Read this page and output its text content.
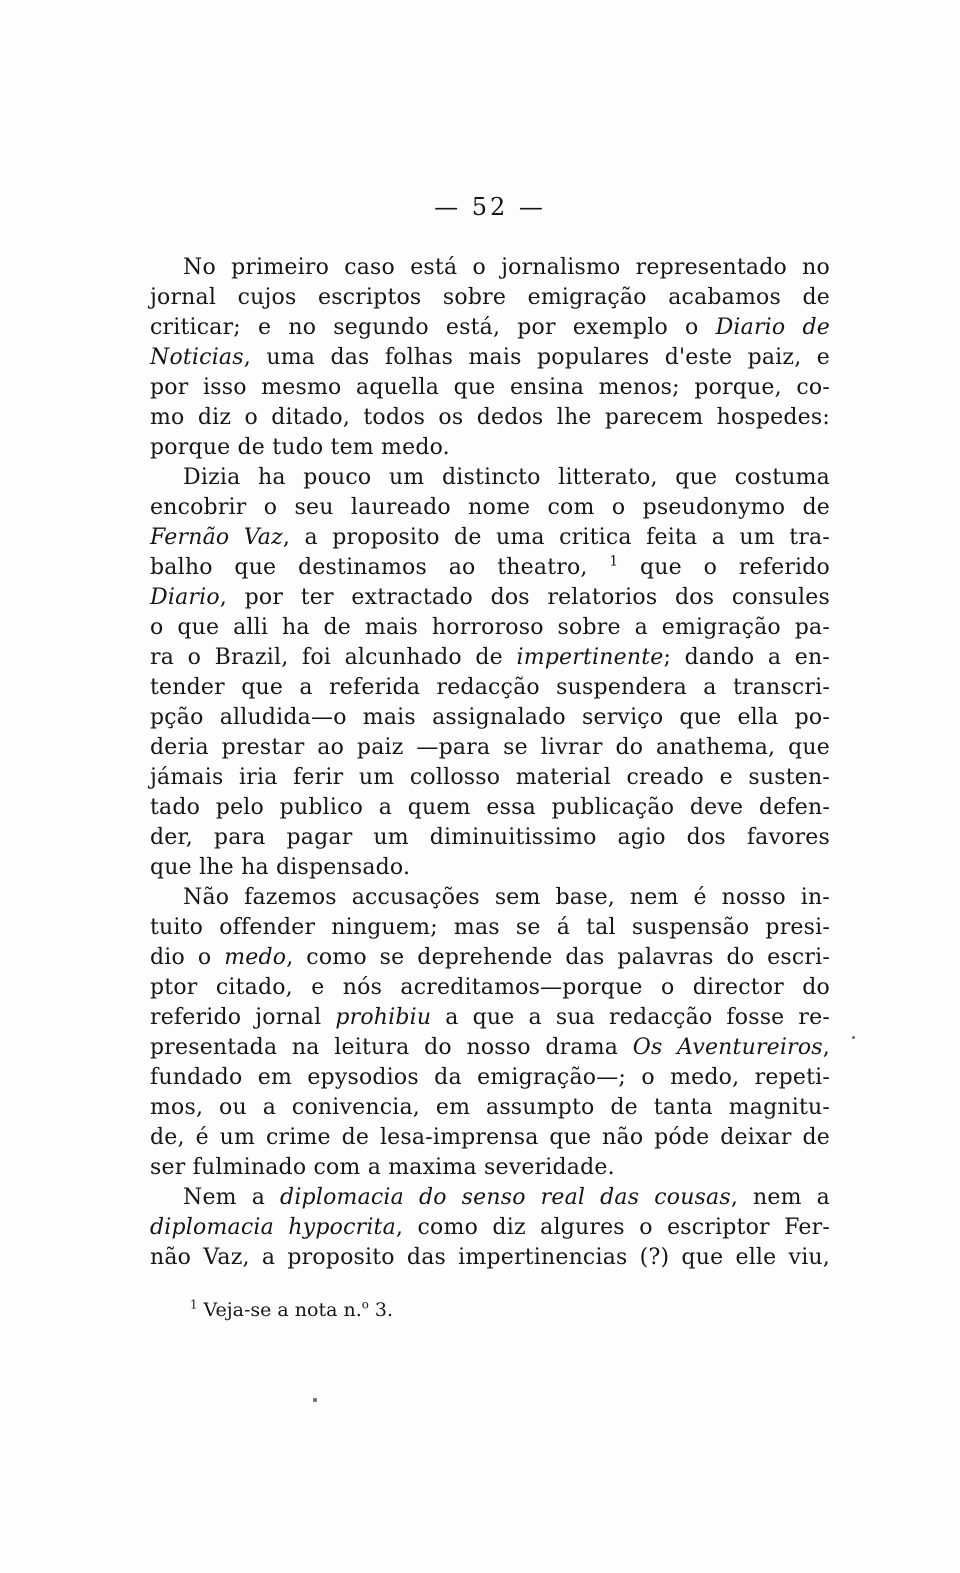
— 52 —
No primeiro caso está o jornalismo representado no
jornal cujos escriptos sobre emigração acabamos de
criticar; e no segundo está, por exemplo o Diario de
Noticias, uma das folhas mais populares d'este paiz, e
por isso mesmo aquella que ensina menos; porque, co-
mo diz o ditado, todos os dedos lhe parecem hospedes:
porque de tudo tem medo.
Dizia ha pouco um distincto litterato, que costuma
encobrir o seu laureado nome com o pseudonymo de
Fernão Vaz, a proposito de uma critica feita a um tra-
balho que destinamos ao theatro, $^1$ que o referido
Diario, por ter extractado dos relatorios dos consules
o que alli ha de mais horroroso sobre a emigração pa-
ra o Brazil, foi alcunhado de impertinente; dando a en-
tender que a referida redacção suspendera a transcri-
pção alludida—o mais assignalado serviço que ella po-
deria prestar ao paiz —para se livrar do anathema, que
jámais iria ferir um collosso material creado e susten-
tado pelo publico a quem essa publicação deve defen-
der, para pagar um diminuitissimo agio dos favores
que lhe ha dispensado.
Não fazemos accusações sem base, nem é nosso in-
tuito offender ninguem; mas se á tal suspensão presi-
dio o medo, como se deprehende das palavras do escri-
ptor citado, e nós acreditamos—porque o director do
referido jornal prohibiu a que a sua redacção fosse re-
presentada na leitura do nosso drama Os Aventureiros,
fundado em epysodios da emigração—; o medo, repeti-
mos, ou a conivencia, em assumpto de tanta magnitu-
de, é um crime de lesa-imprensa que não póde deixar de
ser fulminado com a maxima severidade.
Nem a diplomacia do senso real das cousas, nem a
diplomacia hypocrita, como diz algures o escriptor Fer-
não Vaz, a proposito das impertinencias (?) que elle viu,
$^1$ Veja-se a nota n.$^o$ 3.
